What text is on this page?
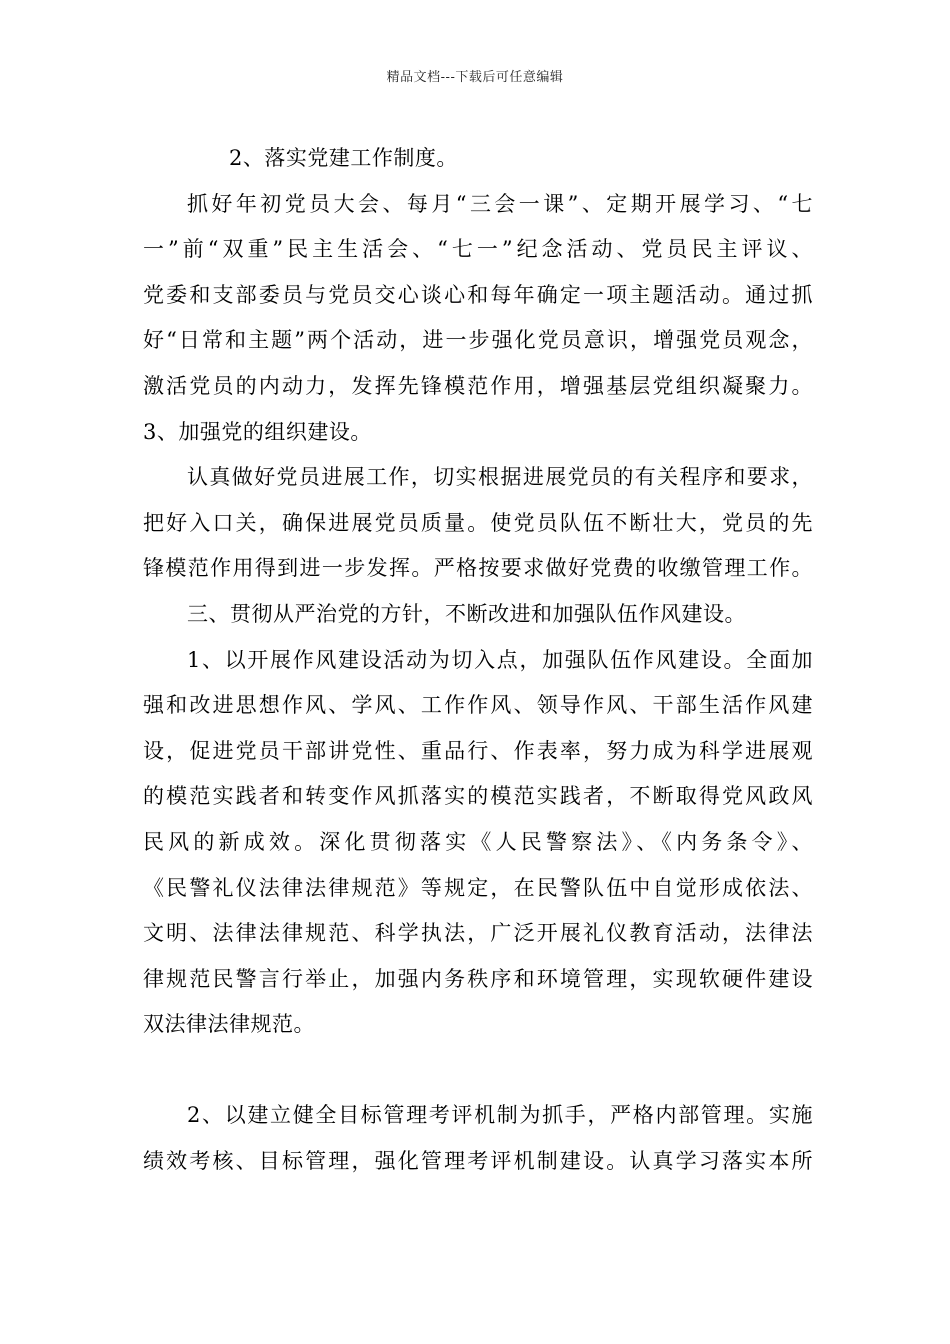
精品文档---下载后可任意编辑
2、落实党建工作制度。
抓好年初党员大会、每月“三会一课”、定期开展学习、“七
一”前“双重”民主生活会、“七一”纪念活动、党员民主评议、
党委和支部委员与党员交心谈心和每年确定一项主题活动。通过抓
好“日常和主题”两个活动，进一步强化党员意识，增强党员观念，
激活党员的内动力，发挥先锋模范作用，增强基层党组织凝聚力。
3、加强党的组织建设。
认真做好党员进展工作，切实根据进展党员的有关程序和要求，
把好入口关，确保进展党员质量。使党员队伍不断壮大，党员的先
锋模范作用得到进一步发挥。严格按要求做好党费的收缴管理工作。
三、贯彻从严治党的方针，不断改进和加强队伍作风建设。
1、以开展作风建设活动为切入点，加强队伍作风建设。全面加
强和改进思想作风、学风、工作作风、领导作风、干部生活作风建
设，促进党员干部讲党性、重品行、作表率，努力成为科学进展观
的模范实践者和转变作风抓落实的模范实践者，不断取得党风政风
民风的新成效。深化贯彻落实《人民警察法》、《内务条令》、
《民警礼仪法律法律规范》等规定，在民警队伍中自觉形成依法、
文明、法律法律规范、科学执法，广泛开展礼仪教育活动，法律法
律规范民警言行举止，加强内务秩序和环境管理，实现软硬件建设
双法律法律规范。
2、以建立健全目标管理考评机制为抓手，严格内部管理。实施
绩效考核、目标管理，强化管理考评机制建设。认真学习落实本所
